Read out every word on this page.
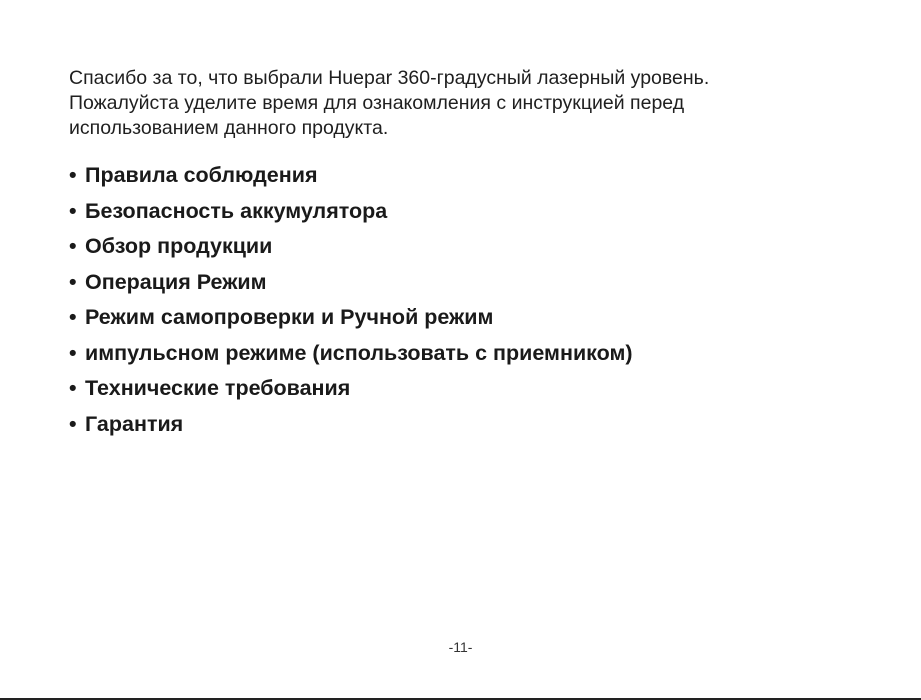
Спасибо за то, что выбрали Huepar 360-градусный лазерный уровень.
Пожалуйста уделите время для ознакомления с инструкцией перед
использованием данного продукта.

• Правила соблюдения
• Безопасность аккумулятора
• Обзор продукции
• Операция Режим
• Режим самопроверки и Ручной режим
• импульсном режиме (использовать с приемником)
• Технические требования
• Гарантия
-11-
